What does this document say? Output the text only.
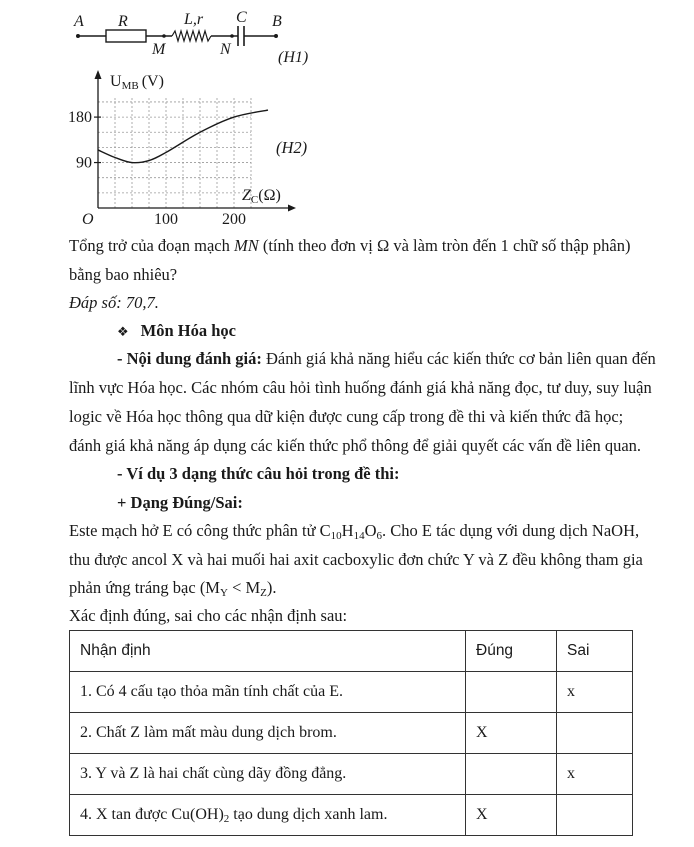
A R
M
L,r
N
C B
(H1)
UMB (V)
ZC(Ω)
O
180
90
100	200
(H2)
Tổng trở của đoạn mạch MN (tính theo đơn vị Ω và làm tròn đến 1 chữ số thập phân)
bằng bao nhiêu?
Đáp số: 70,7.
❖ Môn Hóa học
- Nội dung đánh giá: Đánh giá khả năng hiểu các kiến thức cơ bản liên quan đến
lĩnh vực Hóa học. Các nhóm câu hỏi tình huống đánh giá khả năng đọc, tư duy, suy luận
logic về Hóa học thông qua dữ kiện được cung cấp trong đề thi và kiến thức đã học;
đánh giá khả năng áp dụng các kiến thức phổ thông để giải quyết các vấn đề liên quan.
- Ví dụ 3 dạng thức câu hỏi trong đề thi:
+ Dạng Đúng/Sai:
Este mạch hở E có công thức phân tử $C_{10}H_{14}O_6$. Cho E tác dụng với dung dịch NaOH,
thu được ancol X và hai muối hai axit cacboxylic đơn chức Y và Z đều không tham gia
phản ứng tráng bạc $(M_Y < M_Z)$.
Xác định đúng, sai cho các nhận định sau:
Nhận định	Đúng	Sai
1. Có 4 cấu tạo thỏa mãn tính chất của E.		x
2. Chất Z làm mất màu dung dịch brom.	X	
3. Y và Z là hai chất cùng dãy đồng đẳng.		x
4. X tan được $Cu(OH)_2$ tạo dung dịch xanh lam.	X	
